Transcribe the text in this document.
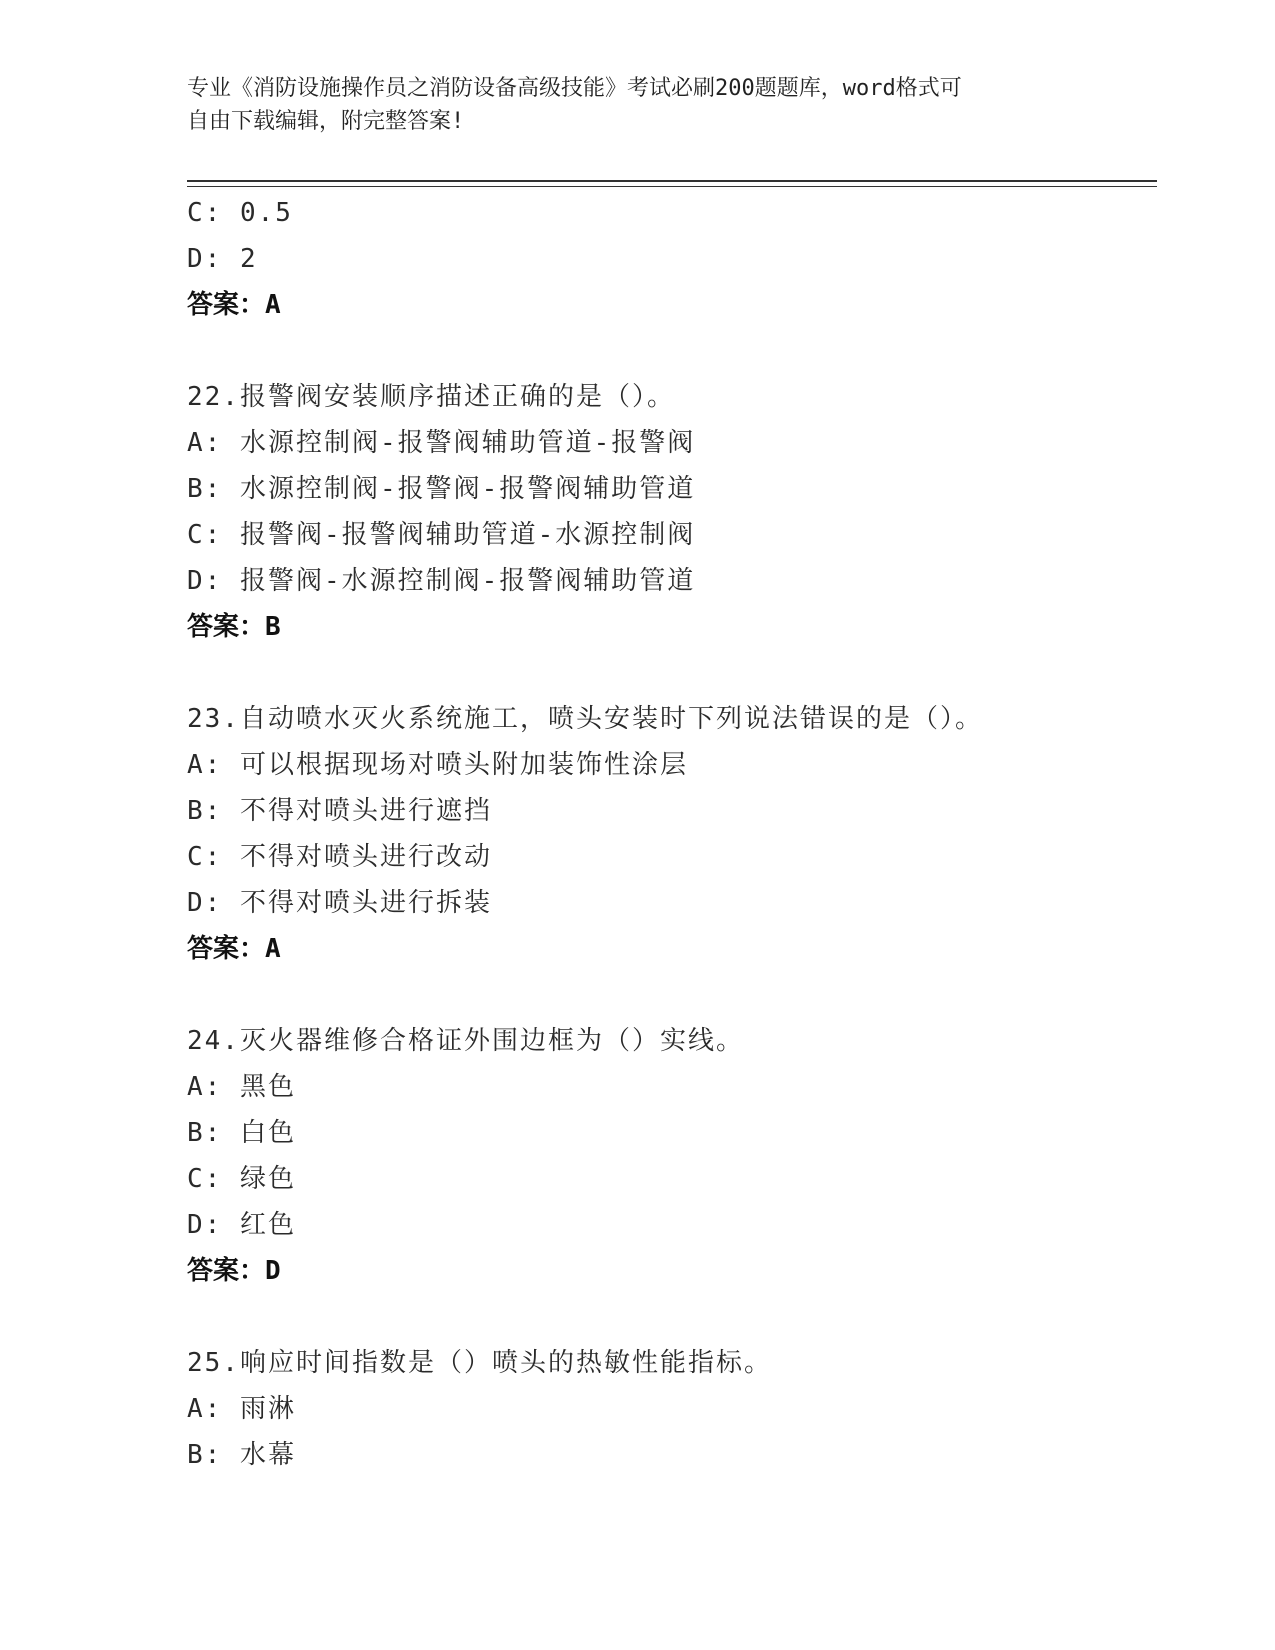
专业《消防设施操作员之消防设备高级技能》考试必刷200题题库，word格式可
自由下载编辑，附完整答案!
C: 0.5
D: 2
答案：A
22.报警阀安装顺序描述正确的是（）。
A: 水源控制阀-报警阀辅助管道-报警阀
B: 水源控制阀-报警阀-报警阀辅助管道
C: 报警阀-报警阀辅助管道-水源控制阀
D: 报警阀-水源控制阀-报警阀辅助管道
答案：B
23.自动喷水灭火系统施工，喷头安装时下列说法错误的是（）。
A: 可以根据现场对喷头附加装饰性涂层
B: 不得对喷头进行遮挡
C: 不得对喷头进行改动
D: 不得对喷头进行拆装
答案：A
24.灭火器维修合格证外围边框为（）实线。
A: 黑色
B: 白色
C: 绿色
D: 红色
答案：D
25.响应时间指数是（）喷头的热敏性能指标。
A: 雨淋
B: 水幕
